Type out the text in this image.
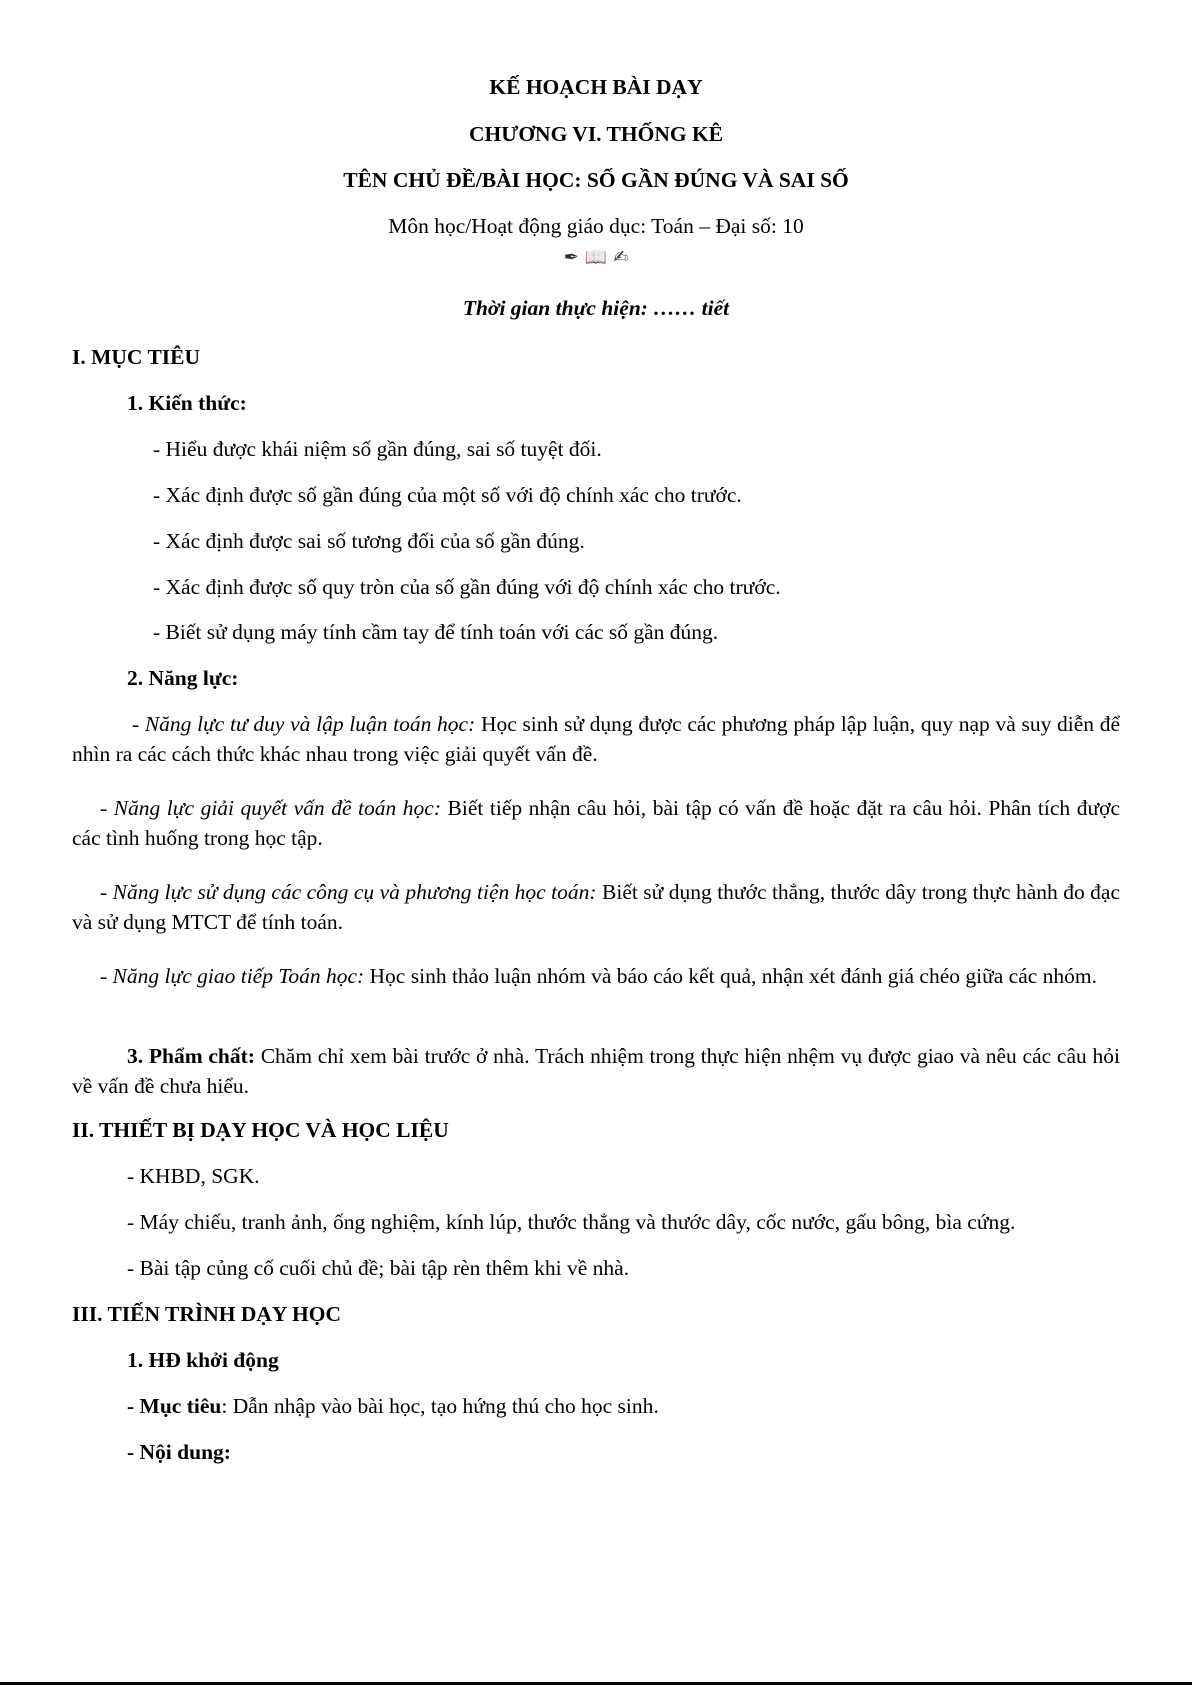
KẾ HOẠCH BÀI DẠY
CHƯƠNG VI. THỐNG KÊ
TÊN CHỦ ĐỀ/BÀI HỌC: SỐ GẦN ĐÚNG VÀ SAI SỐ
Môn học/Hoạt động giáo dục: Toán – Đại số: 10
✒ 📖 ✍
Thời gian thực hiện: …… tiết
I. MỤC TIÊU
1. Kiến thức:
- Hiểu được khái niệm số gần đúng, sai số tuyệt đối.
- Xác định được số gần đúng của một số với độ chính xác cho trước.
- Xác định được sai số tương đối của số gần đúng.
- Xác định được số quy tròn của số gần đúng với độ chính xác cho trước.
- Biết sử dụng máy tính cầm tay để tính toán với các số gần đúng.
2. Năng lực:
- Năng lực tư duy và lập luận toán học: Học sinh sử dụng được các phương pháp lập luận, quy nạp và suy diễn để nhìn ra các cách thức khác nhau trong việc giải quyết vấn đề.
- Năng lực giải quyết vấn đề toán học: Biết tiếp nhận câu hỏi, bài tập có vấn đề hoặc đặt ra câu hỏi. Phân tích được các tình huống trong học tập.
- Năng lực sử dụng các công cụ và phương tiện học toán: Biết sử dụng thước thẳng, thước dây trong thực hành đo đạc và sử dụng MTCT để tính toán.
- Năng lực giao tiếp Toán học: Học sinh thảo luận nhóm và báo cáo kết quả, nhận xét đánh giá chéo giữa các nhóm.
3. Phẩm chất: Chăm chỉ xem bài trước ở nhà. Trách nhiệm trong thực hiện nhệm vụ được giao và nêu các câu hỏi về vấn đề chưa hiểu.
II. THIẾT BỊ DẠY HỌC VÀ HỌC LIỆU
- KHBD, SGK.
- Máy chiếu, tranh ảnh, ống nghiệm, kính lúp, thước thẳng và thước dây, cốc nước, gấu bông, bìa cứng.
- Bài tập củng cố cuối chủ đề; bài tập rèn thêm khi về nhà.
III. TIẾN TRÌNH DẠY HỌC
1. HĐ khởi động
- Mục tiêu: Dẫn nhập vào bài học, tạo hứng thú cho học sinh.
- Nội dung:
